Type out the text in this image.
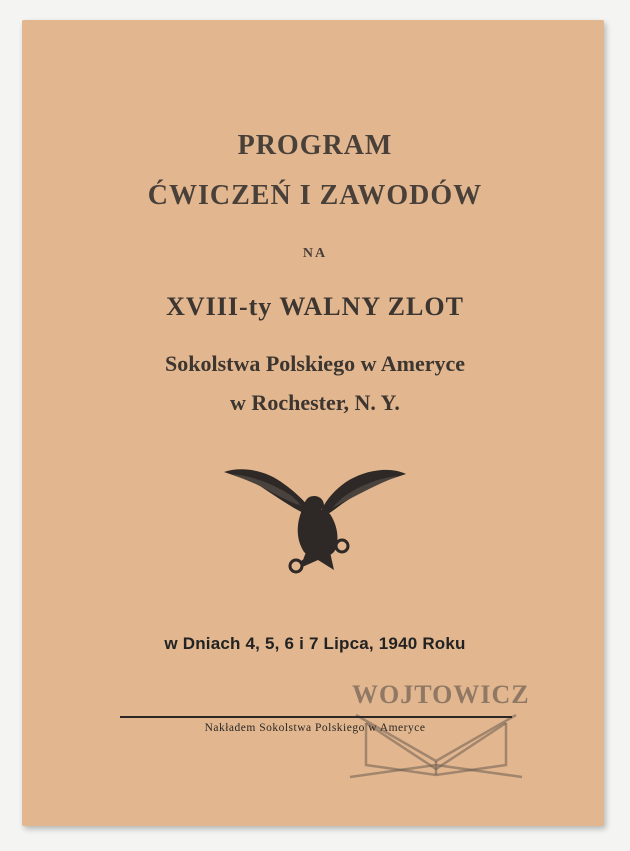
PROGRAM
ĆWICZEŃ I ZAWODÓW
NA
XVIII-ty WALNY ZLOT
Sokolstwa Polskiego w Ameryce
w Rochester, N. Y.
w Dniach 4, 5, 6 i 7 Lipca, 1940 Roku
WOJTOWICZ
Nakładem Sokolstwa Polskiego w Ameryce
